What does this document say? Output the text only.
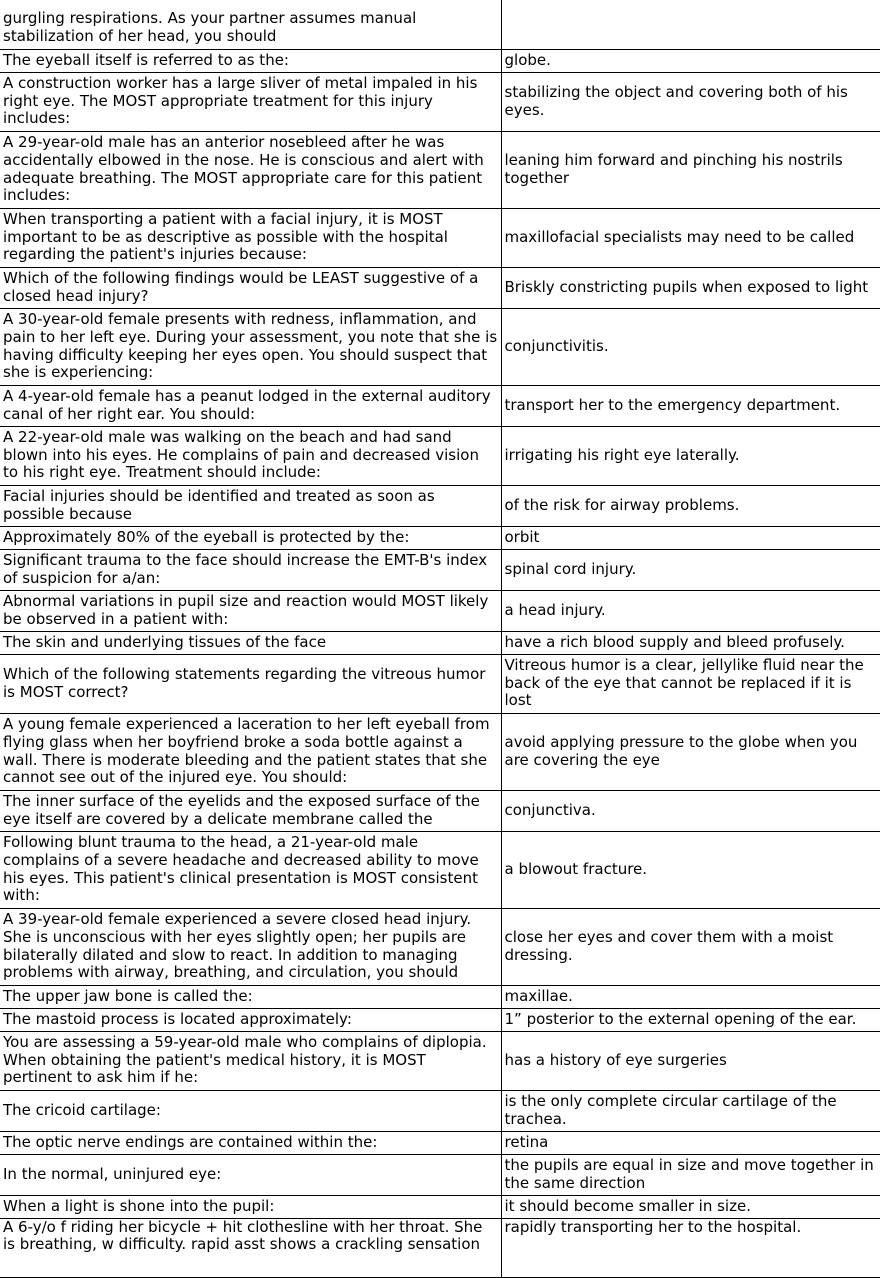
gurgling respirations. As your partner assumes manual stabilization of her head, you should	
The eyeball itself is referred to as the:	globe.
A construction worker has a large sliver of metal impaled in his right eye. The MOST appropriate treatment for this injury includes:	stabilizing the object and covering both of his eyes.
A 29-year-old male has an anterior nosebleed after he was accidentally elbowed in the nose. He is conscious and alert with adequate breathing. The MOST appropriate care for this patient includes:	leaning him forward and pinching his nostrils together
When transporting a patient with a facial injury, it is MOST important to be as descriptive as possible with the hospital regarding the patient's injuries because:	maxillofacial specialists may need to be called
Which of the following findings would be LEAST suggestive of a closed head injury?	Briskly constricting pupils when exposed to light
A 30-year-old female presents with redness, inflammation, and pain to her left eye. During your assessment, you note that she is having difficulty keeping her eyes open. You should suspect that she is experiencing:	conjunctivitis.
A 4-year-old female has a peanut lodged in the external auditory canal of her right ear. You should:	transport her to the emergency department.
A 22-year-old male was walking on the beach and had sand blown into his eyes. He complains of pain and decreased vision to his right eye. Treatment should include:	irrigating his right eye laterally.
Facial injuries should be identified and treated as soon as possible because	of the risk for airway problems.
Approximately 80% of the eyeball is protected by the:	orbit
Significant trauma to the face should increase the EMT-B's index of suspicion for a/an:	spinal cord injury.
Abnormal variations in pupil size and reaction would MOST likely be observed in a patient with:	a head injury.
The skin and underlying tissues of the face	have a rich blood supply and bleed profusely.
Which of the following statements regarding the vitreous humor is MOST correct?	Vitreous humor is a clear, jellylike fluid near the back of the eye that cannot be replaced if it is lost
A young female experienced a laceration to her left eyeball from flying glass when her boyfriend broke a soda bottle against a wall. There is moderate bleeding and the patient states that she cannot see out of the injured eye. You should:	avoid applying pressure to the globe when you are covering the eye
The inner surface of the eyelids and the exposed surface of the eye itself are covered by a delicate membrane called the	conjunctiva.
Following blunt trauma to the head, a 21-year-old male complains of a severe headache and decreased ability to move his eyes. This patient's clinical presentation is MOST consistent with:	a blowout fracture.
A 39-year-old female experienced a severe closed head injury. She is unconscious with her eyes slightly open; her pupils are bilaterally dilated and slow to react. In addition to managing problems with airway, breathing, and circulation, you should	close her eyes and cover them with a moist dressing.
The upper jaw bone is called the:	maxillae.
The mastoid process is located approximately:	1” posterior to the external opening of the ear.
You are assessing a 59-year-old male who complains of diplopia. When obtaining the patient's medical history, it is MOST pertinent to ask him if he:	has a history of eye surgeries
The cricoid cartilage:	is the only complete circular cartilage of the trachea.
The optic nerve endings are contained within the:	retina
In the normal, uninjured eye:	the pupils are equal in size and move together in the same direction
When a light is shone into the pupil:	it should become smaller in size.
A 6-y/o f riding her bicycle + hit clothesline with her throat. She is breathing, w difficulty. rapid asst shows a crackling sensation	rapidly transporting her to the hospital.
